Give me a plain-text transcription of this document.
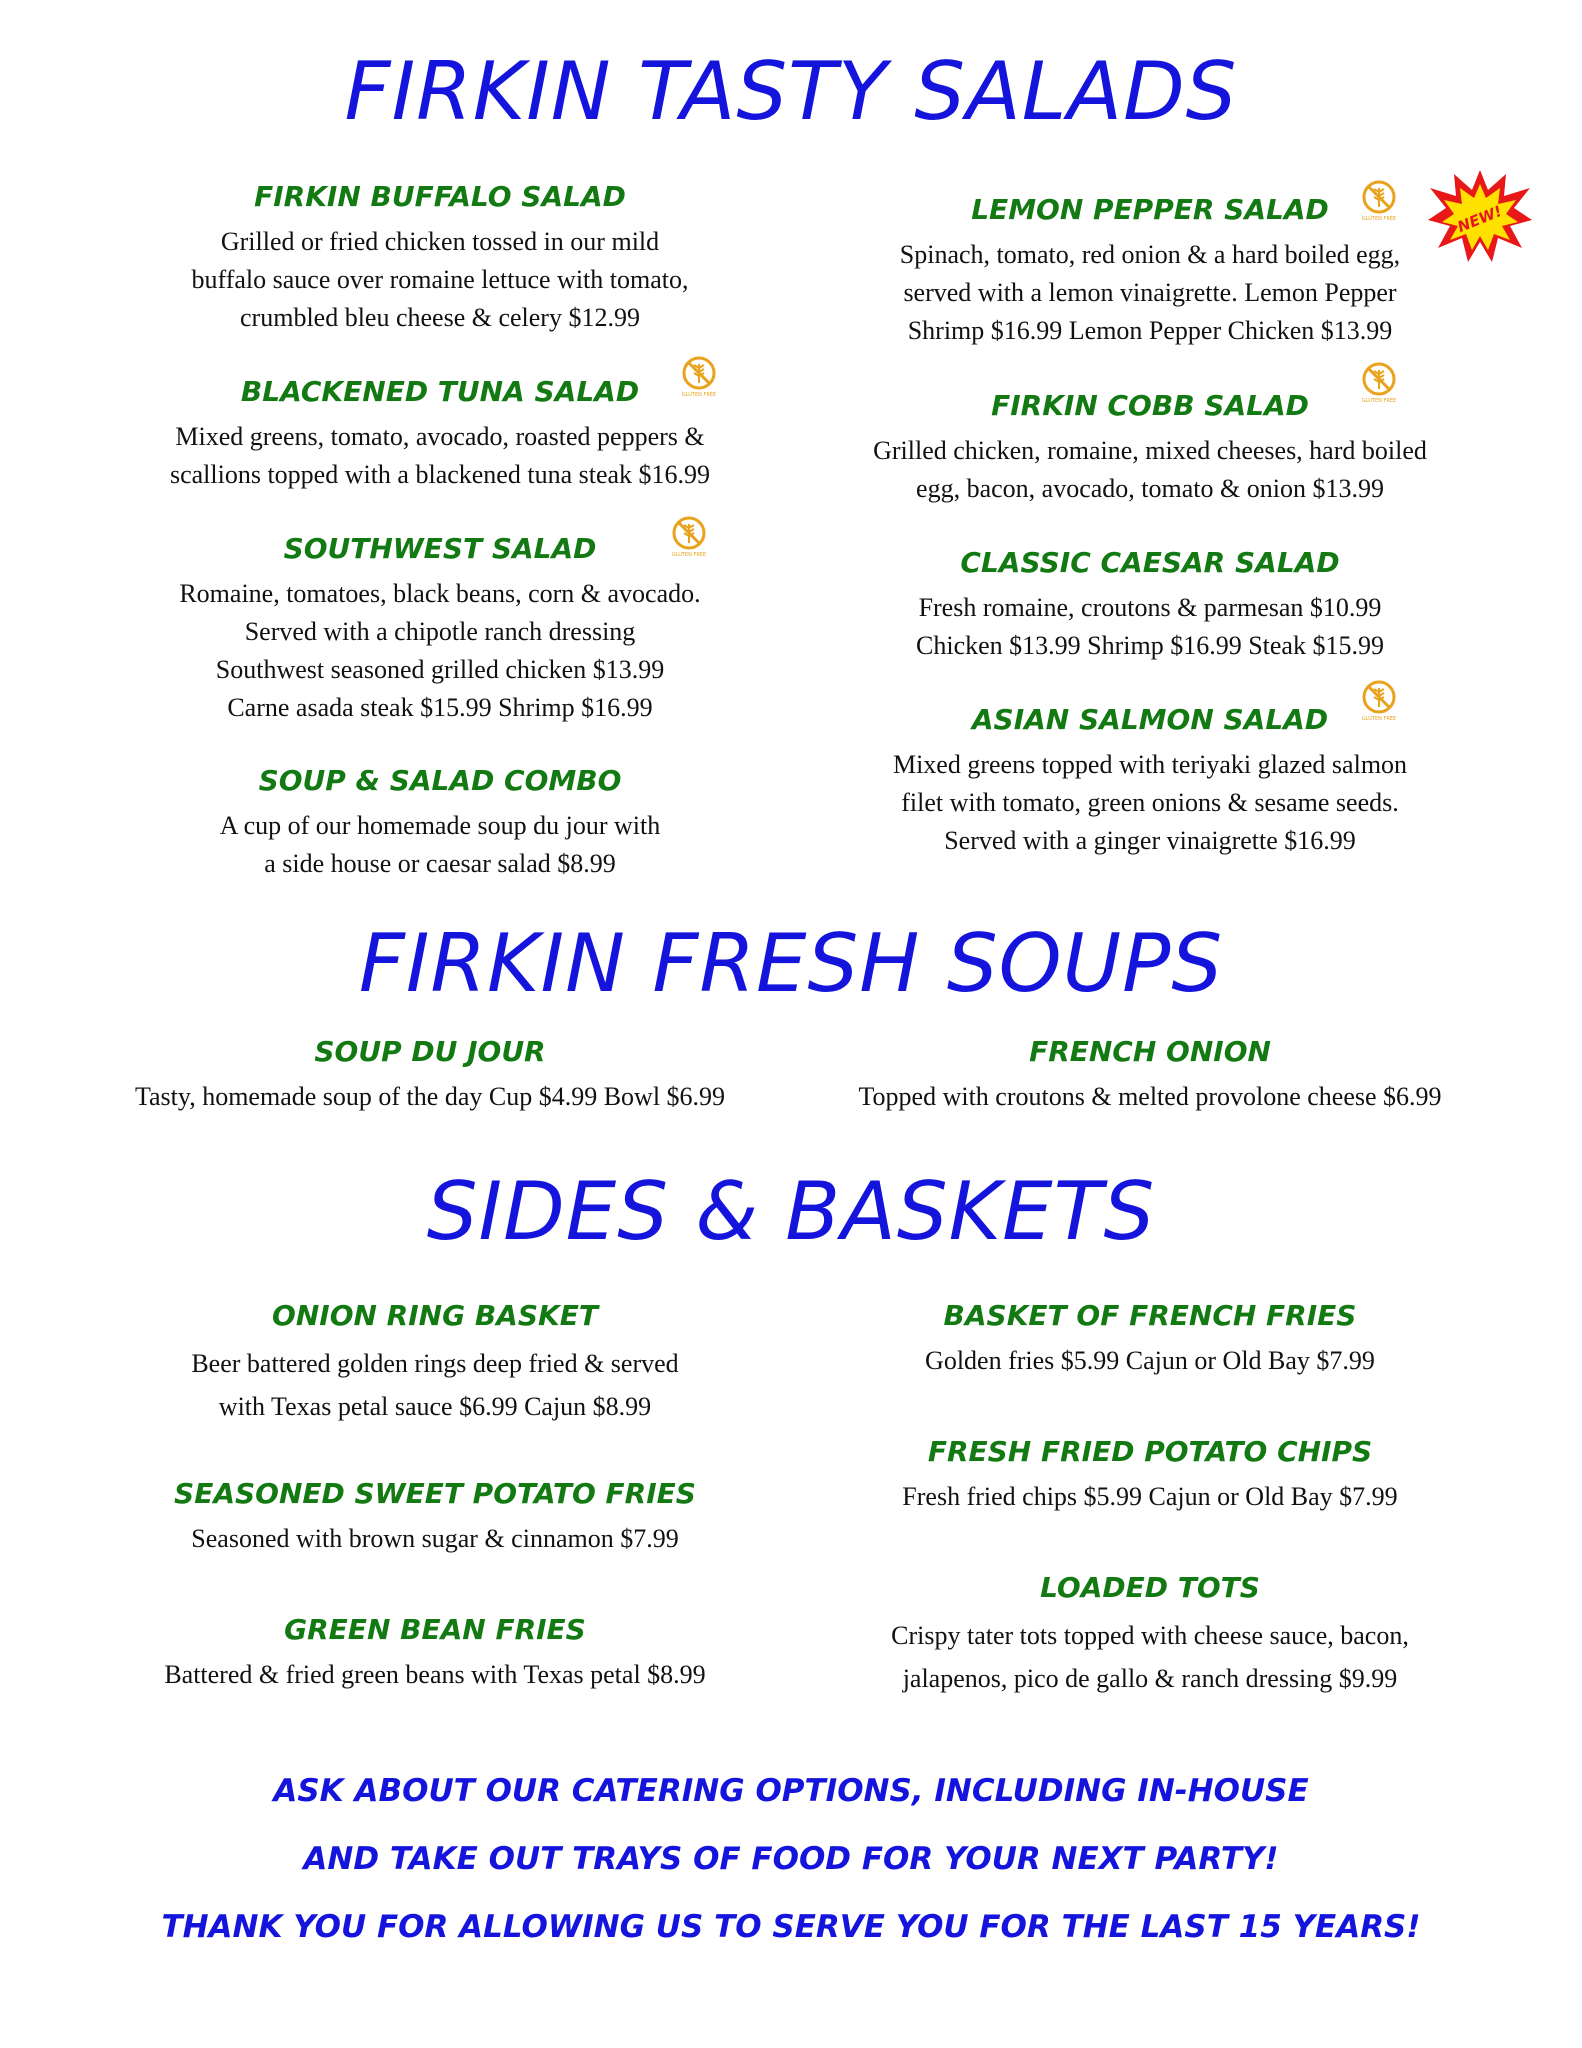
FIRKIN TASTY SALADS
FIRKIN BUFFALO SALAD

Grilled or fried chicken tossed in our mild
buffalo sauce over romaine lettuce with tomato,
crumbled bleu cheese & celery $12.99

BLACKENED TUNA SALAD

Mixed greens, tomato, avocado, roasted peppers &
scallions topped with a blackened tuna steak $16.99

SOUTHWEST SALAD

Romaine, tomatoes, black beans, corn & avocado.
Served with a chipotle ranch dressing
Southwest seasoned grilled chicken $13.99
Carne asada steak $15.99 Shrimp $16.99

SOUP & SALAD COMBO

A cup of our homemade soup du jour with
a side house or caesar salad $8.99

LEMON PEPPER SALAD

Spinach, tomato, red onion & a hard boiled egg,
served with a lemon vinaigrette. Lemon Pepper
Shrimp $16.99 Lemon Pepper Chicken $13.99

FIRKIN COBB SALAD

Grilled chicken, romaine, mixed cheeses, hard boiled
egg, bacon, avocado, tomato & onion $13.99

CLASSIC CAESAR SALAD

Fresh romaine, croutons & parmesan $10.99
Chicken $13.99 Shrimp $16.99 Steak $15.99

ASIAN SALMON SALAD

Mixed greens topped with teriyaki glazed salmon
filet with tomato, green onions & sesame seeds.
Served with a ginger vinaigrette $16.99

GLUTEN FREE
GLUTEN FREE
GLUTEN FREE
GLUTEN FREE
GLUTEN FREE
NEW!
FIRKIN FRESH SOUPS
SOUP DU JOUR

Tasty, homemade soup of the day Cup $4.99 Bowl $6.99

FRENCH ONION

Topped with croutons & melted provolone cheese $6.99

SIDES & BASKETS
ONION RING BASKET

Beer battered golden rings deep fried & served
with Texas petal sauce $6.99 Cajun $8.99

SEASONED SWEET POTATO FRIES

Seasoned with brown sugar & cinnamon $7.99

GREEN BEAN FRIES

Battered & fried green beans with Texas petal $8.99

BASKET OF FRENCH FRIES

Golden fries $5.99 Cajun or Old Bay $7.99

FRESH FRIED POTATO CHIPS

Fresh fried chips $5.99 Cajun or Old Bay $7.99

LOADED TOTS

Crispy tater tots topped with cheese sauce, bacon,
jalapenos, pico de gallo & ranch dressing $9.99

ASK ABOUT OUR CATERING OPTIONS, INCLUDING IN-HOUSE

AND TAKE OUT TRAYS OF FOOD FOR YOUR NEXT PARTY!

THANK YOU FOR ALLOWING US TO SERVE YOU FOR THE LAST 15 YEARS!
